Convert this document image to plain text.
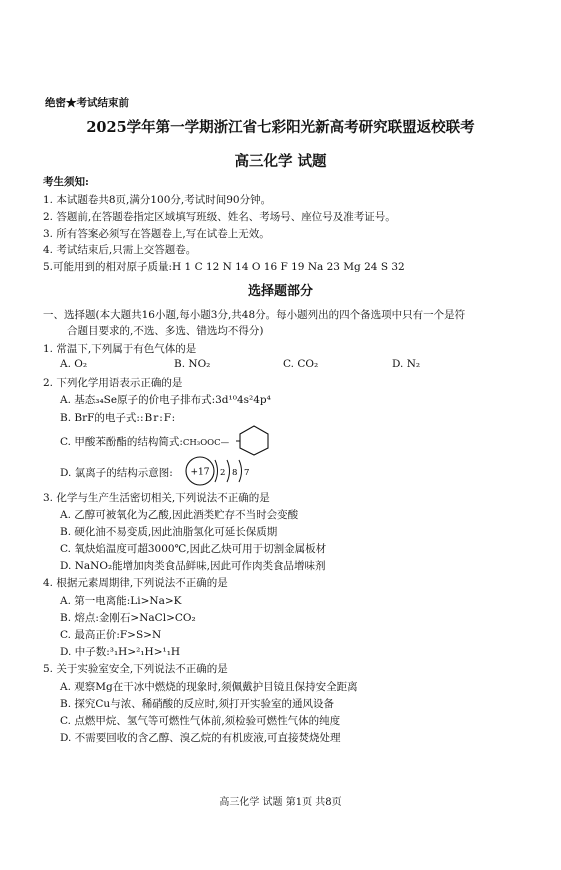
绝密★考试结束前
2025学年第一学期浙江省七彩阳光新高考研究联盟返校联考
高三化学 试题
考生须知:
1. 本试题卷共8页,满分100分,考试时间90分钟。
2. 答题前,在答题卷指定区域填写班级、姓名、考场号、座位号及准考证号。
3. 所有答案必须写在答题卷上,写在试卷上无效。
4. 考试结束后,只需上交答题卷。
5.可能用到的相对原子质量:H 1 C 12 N 14 O 16 F 19 Na 23 Mg 24 S 32
选择题部分
一、选择题(本大题共16小题,每小题3分,共48分。每小题列出的四个备选项中只有一个是符
合题目要求的,不选、多选、错选均不得分)
1. 常温下,下列属于有色气体的是
A. O₂	B. NO₂	C. CO₂	D. N₂
2. 下列化学用语表示正确的是
A. 基态₃₄Se原子的价电子排布式:3d¹⁰4s²4p⁴
B. BrF的电子式::Br:F:
C. 甲酸苯酚酯的结构简式:CH₃OOC—
D. 氯离子的结构示意图: +17 2 8 7
3. 化学与生产生活密切相关,下列说法不正确的是
A. 乙醇可被氧化为乙酸,因此酒类贮存不当时会变酸
B. 硬化油不易变质,因此油脂氢化可延长保质期
C. 氧炔焰温度可超3000℃,因此乙炔可用于切割金属板材
D. NaNO₂能增加肉类食品鲜味,因此可作肉类食品增味剂
4. 根据元素周期律,下列说法不正确的是
A. 第一电离能:Li>Na>K
B. 熔点:金刚石>NaCl>CO₂
C. 最高正价:F>S>N
D. 中子数:³₁H>²₁H>¹₁H
5. 关于实验室安全,下列说法不正确的是
A. 观察Mg在干冰中燃烧的现象时,须佩戴护目镜且保持安全距离
B. 探究Cu与浓、稀硝酸的反应时,须打开实验室的通风设备
C. 点燃甲烷、氢气等可燃性气体前,须检验可燃性气体的纯度
D. 不需要回收的含乙醇、溴乙烷的有机废液,可直接焚烧处理
高三化学 试题 第1页 共8页
